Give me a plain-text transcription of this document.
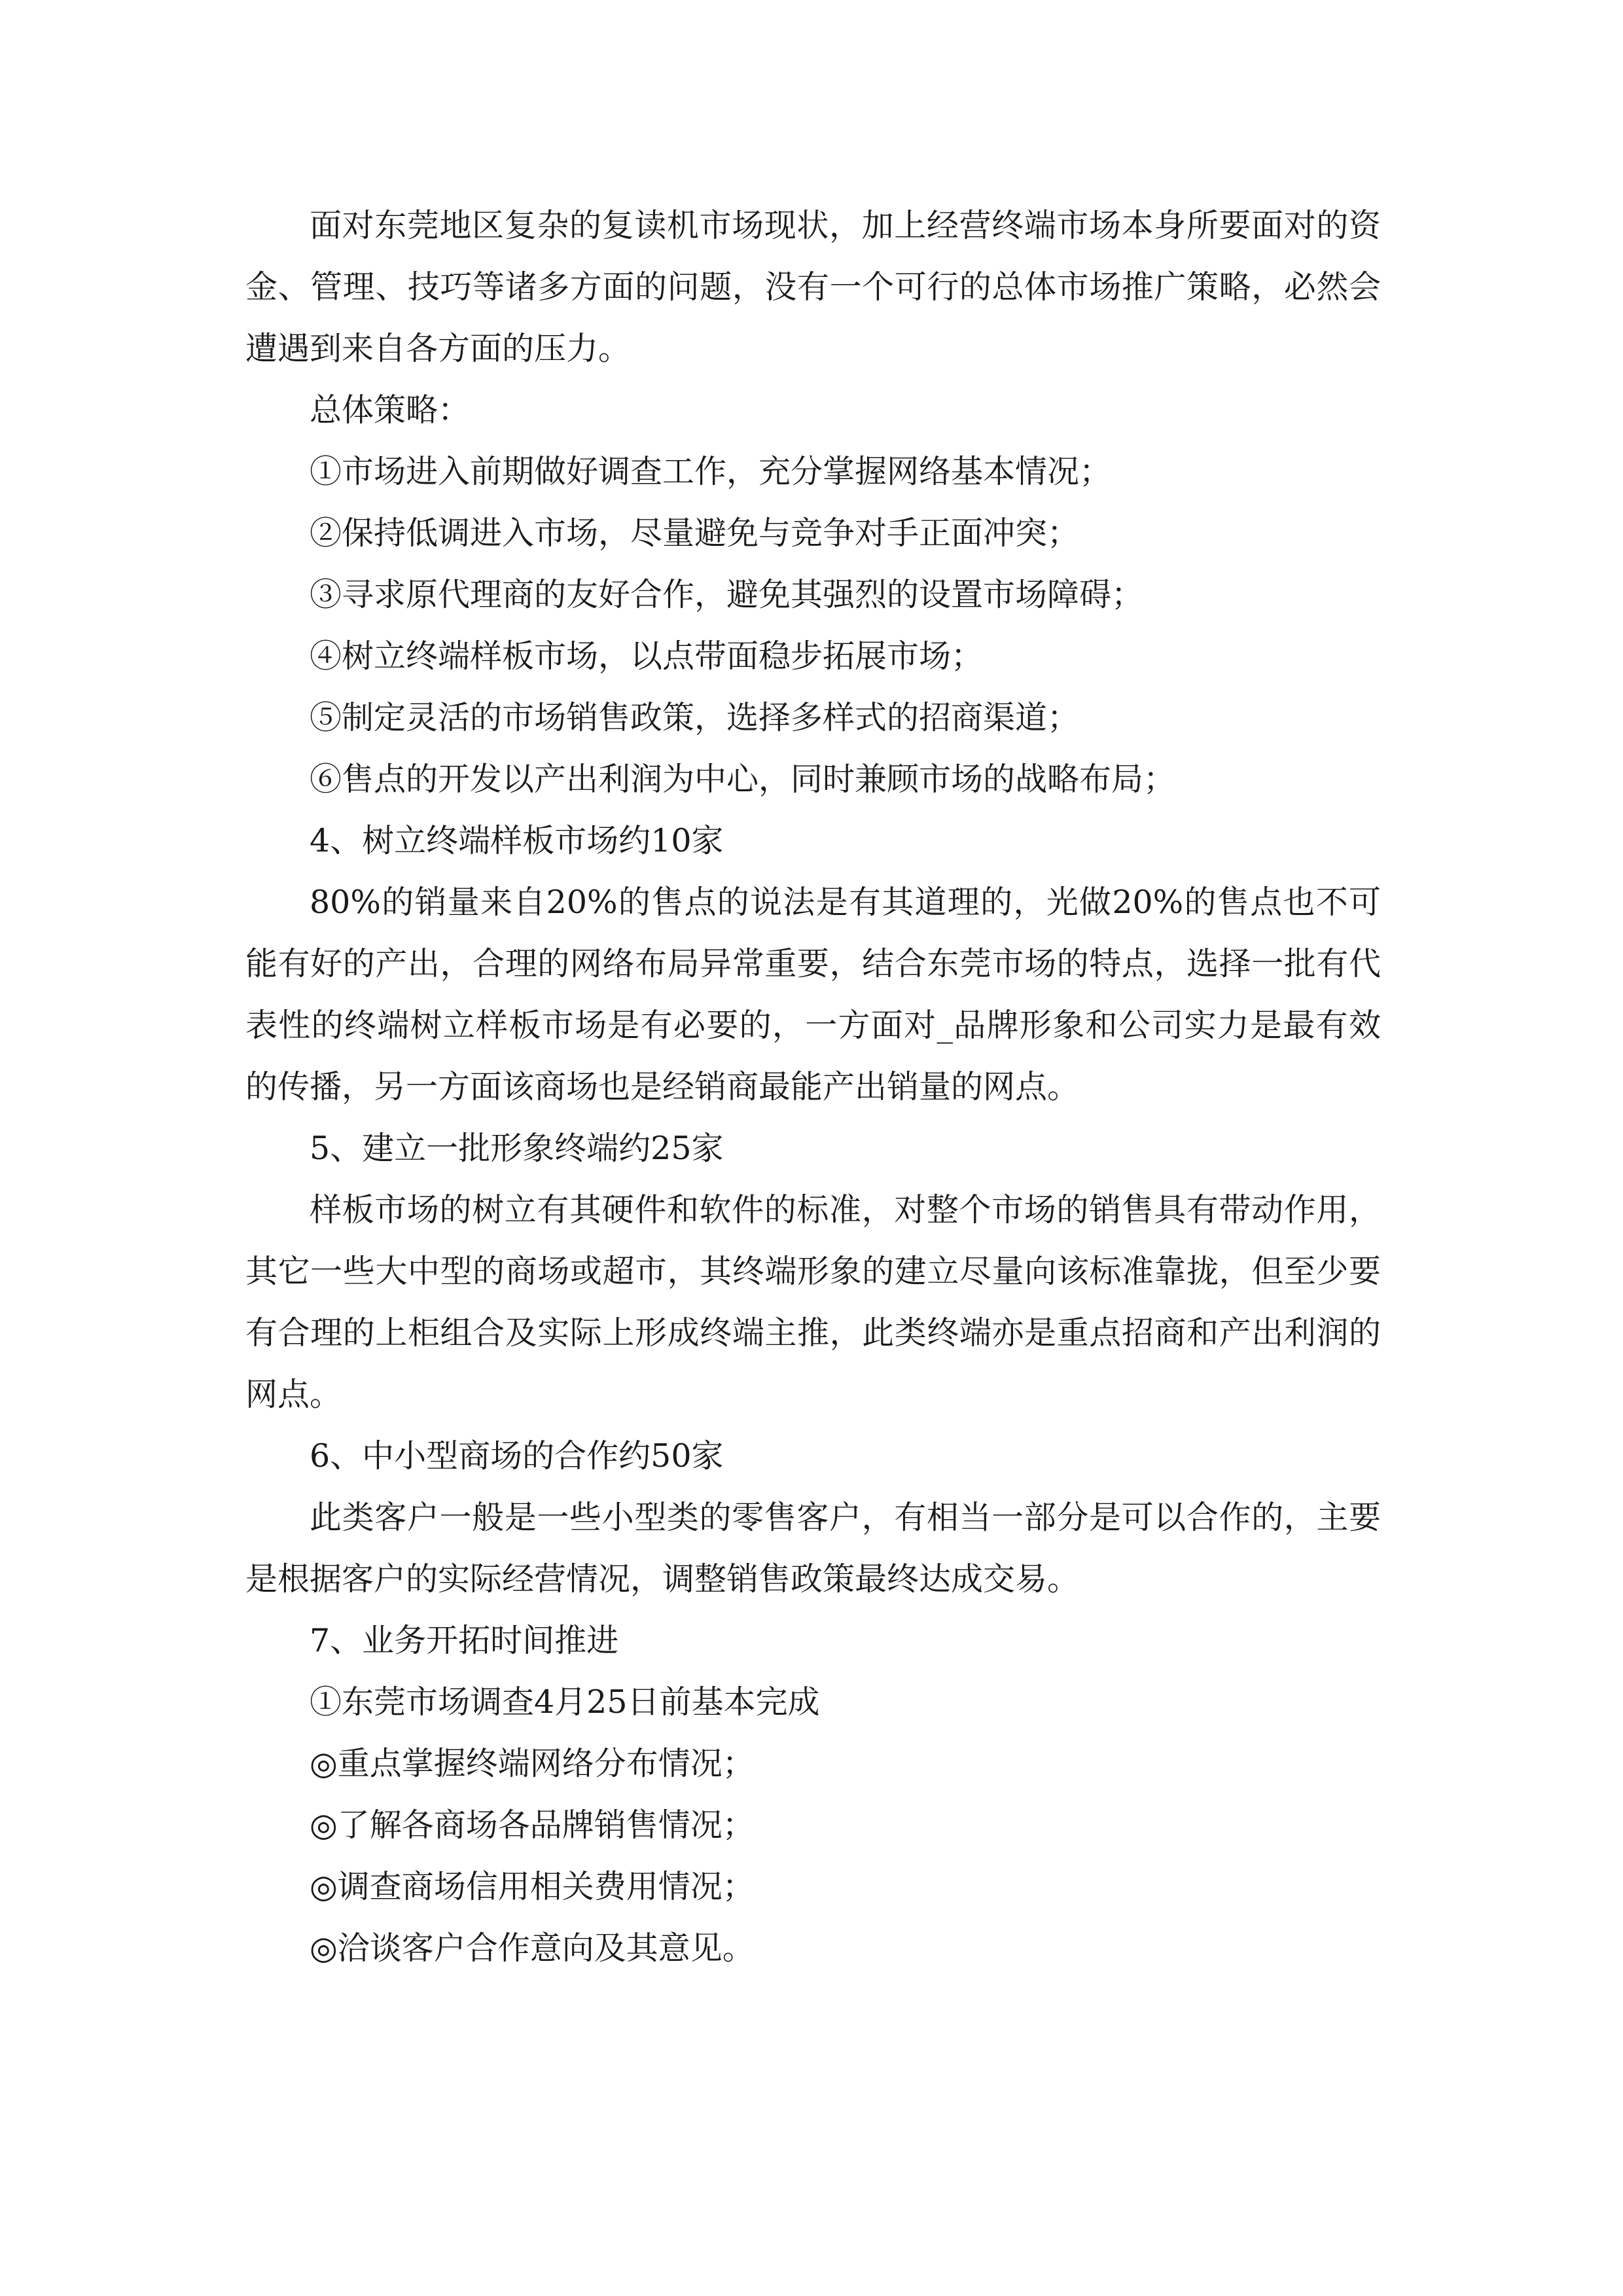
面对东莞地区复杂的复读机市场现状，加上经营终端市场本身所要面对的资金、管理、技巧等诸多方面的问题，没有一个可行的总体市场推广策略，必然会遭遇到来自各方面的压力。

总体策略：

①市场进入前期做好调查工作，充分掌握网络基本情况；

②保持低调进入市场，尽量避免与竞争对手正面冲突；

③寻求原代理商的友好合作，避免其强烈的设置市场障碍；

④树立终端样板市场，以点带面稳步拓展市场；

⑤制定灵活的市场销售政策，选择多样式的招商渠道；

⑥售点的开发以产出利润为中心，同时兼顾市场的战略布局；

4、树立终端样板市场约10家

80%的销量来自20%的售点的说法是有其道理的，光做20%的售点也不可能有好的产出，合理的网络布局异常重要，结合东莞市场的特点，选择一批有代表性的终端树立样板市场是有必要的，一方面对_品牌形象和公司实力是最有效的传播，另一方面该商场也是经销商最能产出销量的网点。

5、建立一批形象终端约25家

样板市场的树立有其硬件和软件的标准，对整个市场的销售具有带动作用，其它一些大中型的商场或超市，其终端形象的建立尽量向该标准靠拢，但至少要有合理的上柜组合及实际上形成终端主推，此类终端亦是重点招商和产出利润的网点。

6、中小型商场的合作约50家

此类客户一般是一些小型类的零售客户，有相当一部分是可以合作的，主要是根据客户的实际经营情况，调整销售政策最终达成交易。

7、业务开拓时间推进

①东莞市场调查4月25日前基本完成

◎重点掌握终端网络分布情况；

◎了解各商场各品牌销售情况；

◎调查商场信用相关费用情况；

◎洽谈客户合作意向及其意见。
